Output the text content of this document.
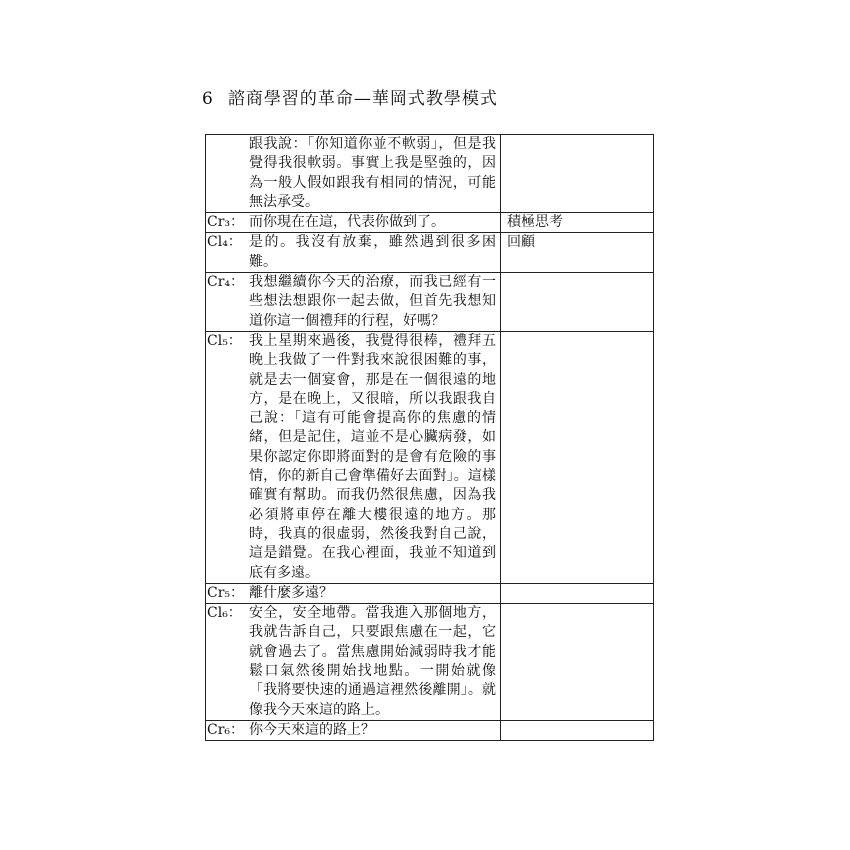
6 諮商學習的革命—華岡式教學模式
跟我說：「你知道你並不軟弱」，但是我覺得我很軟弱。事實上我是堅強的，因為一般人假如跟我有相同的情況，可能無法承受。	

Cr₃： 而你現在在這，代表你做到了。	積極思考

Cl₄： 是的。我沒有放棄，雖然遇到很多困難。	回顧

Cr₄： 我想繼續你今天的治療，而我已經有一些想法想跟你一起去做，但首先我想知道你這一個禮拜的行程，好嗎？	

Cl₅： 我上星期來過後，我覺得很棒，禮拜五晚上我做了一件對我來說很困難的事，就是去一個宴會，那是在一個很遠的地方，是在晚上，又很暗，所以我跟我自己說：「這有可能會提高你的焦慮的情緒，但是記住，這並不是心臟病發，如果你認定你即將面對的是會有危險的事情，你的新自己會準備好去面對」。這樣確實有幫助。而我仍然很焦慮，因為我必須將車停在離大樓很遠的地方。那時，我真的很虛弱，然後我對自己說，這是錯覺。在我心裡面，我並不知道到底有多遠。	

Cr₅： 離什麼多遠？	

Cl₆： 安全，安全地帶。當我進入那個地方，我就告訴自己，只要跟焦慮在一起，它就會過去了。當焦慮開始減弱時我才能鬆口氣然後開始找地點。一開始就像「我將要快速的通過這裡然後離開」。就像我今天來這的路上。	

Cr₆： 你今天來這的路上？	
